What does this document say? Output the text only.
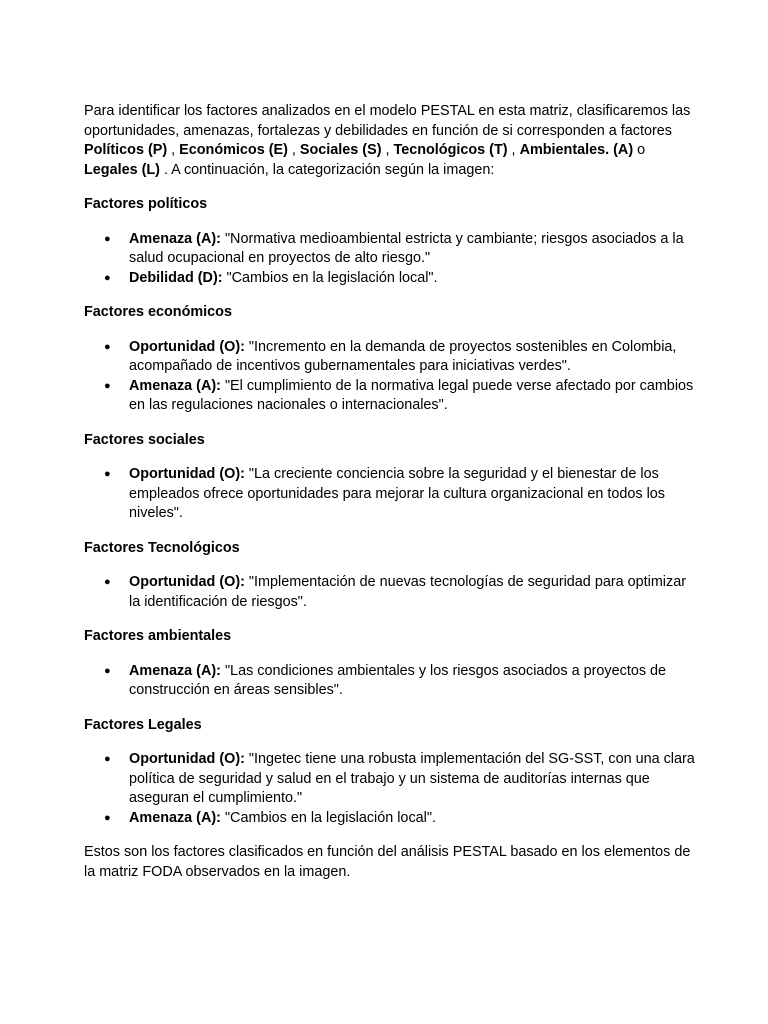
Para identificar los factores analizados en el modelo PESTAL en esta matriz, clasificaremos las oportunidades, amenazas, fortalezas y debilidades en función de si corresponden a factores Políticos (P) , Económicos (E) , Sociales (S) , Tecnológicos (T) , Ambientales. (A) o Legales (L) . A continuación, la categorización según la imagen:

Factores políticos
● Amenaza (A): "Normativa medioambiental estricta y cambiante; riesgos asociados a la salud ocupacional en proyectos de alto riesgo."
● Debilidad (D): "Cambios en la legislación local".
Factores económicos
● Oportunidad (O): "Incremento en la demanda de proyectos sostenibles en Colombia, acompañado de incentivos gubernamentales para iniciativas verdes".
● Amenaza (A): "El cumplimiento de la normativa legal puede verse afectado por cambios en las regulaciones nacionales o internacionales".
Factores sociales
● Oportunidad (O): "La creciente conciencia sobre la seguridad y el bienestar de los empleados ofrece oportunidades para mejorar la cultura organizacional en todos los niveles".
Factores Tecnológicos
● Oportunidad (O): "Implementación de nuevas tecnologías de seguridad para optimizar la identificación de riesgos".
Factores ambientales
● Amenaza (A): "Las condiciones ambientales y los riesgos asociados a proyectos de construcción en áreas sensibles".
Factores Legales
● Oportunidad (O): "Ingetec tiene una robusta implementación del SG-SST, con una clara política de seguridad y salud en el trabajo y un sistema de auditorías internas que aseguran el cumplimiento."
● Amenaza (A): "Cambios en la legislación local".

Estos son los factores clasificados en función del análisis PESTAL basado en los elementos de la matriz FODA observados en la imagen.
